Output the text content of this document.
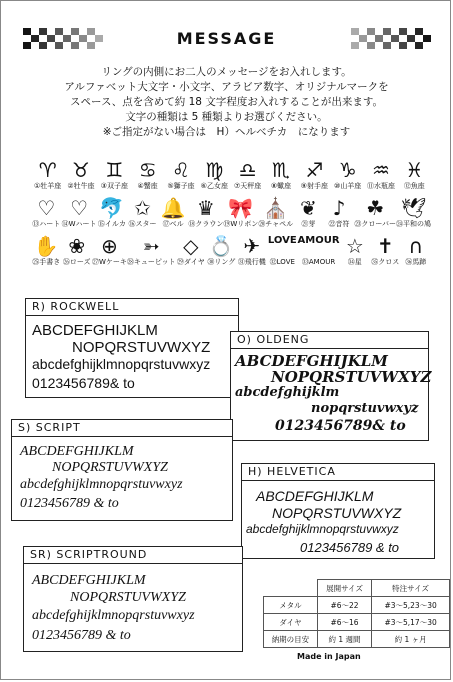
MESSAGE
リングの内側にお二人のメッセージをお入れします。
アルファベット大文字・小文字、アラビア数字、オリジナルマークを
スペース、点を含めて約 18 文字程度お入れすることが出来ます。
文字の種類は 5 種類よりお選びください。
※ご指定がない場合は　H）ヘルベチカ　になります
♈
①牡羊座
♉
②牡牛座
♊
③双子座
♋
④蟹座
♌
⑤獅子座
♍
⑥乙女座
♎
⑦天秤座
♏
⑧蠍座
♐
⑨射手座
♑
⑩山羊座
♒
⑪水瓶座
♓
⑫魚座
♡
⑬ハート
♡
⑭Wハート
🐬
⑮イルカ
✩
⑯スター
🔔
⑰ベル
♛
⑱クラウン
🎀
⑲Wリボン
⛪
⑳チャペル
❦
㉑芽
♪
㉒音符
☘
㉓クローバー
🕊
㉔平和の鳩
✋
㉕手書き
❀
㉖ローズ
⊕
㉗Wケーキ
➳
㉘キューピット
◇
㉙ダイヤ
💍
㉚リング
✈
㉛飛行機
LOVE
㉜LOVE
AMOUR
㉝AMOUR
☆
㉞星
✝
㉟クロス
∩
㊱馬蹄
R) ROCKWELL
ABCDEFGHIJKLM
NOPQRSTUVWXYZ
abcdefghijklmnopqrstuvwxyz
0123456789& to
O) OLDENG
ABCDEFGHIJKLM
NOPQRSTUVWXYZ
abcdefghijklm
nopqrstuvwxyz
0123456789& to
S) SCRIPT
ABCDEFGHIJKLM
NOPQRSTUVWXYZ
abcdefghijklmnopqrstuvwxyz
0123456789 & to
H) HELVETICA
ABCDEFGHIJKLM
NOPQRSTUVWXYZ
abcdefghijklmnopqrstuvwxyz
0123456789 & to
SR) SCRIPTROUND
ABCDEFGHIJKLM
NOPQRSTUVWXYZ
abcdefghijklmnopqrstuvwxyz
0123456789 & to
	展開サイズ	特注サイズ
メタル	#6～22	#3～5,23～30
ダイヤ	#6～16	#3～5,17～30
納期の目安	約 1 週間	約 1 ヶ月
Made in Japan
